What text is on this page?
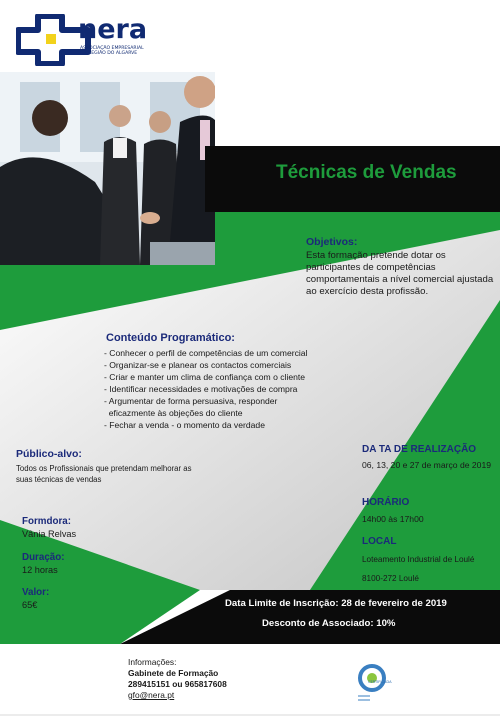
nera
ASSOCIAÇÃO EMPRESARIAL DA REGIÃO DO ALGARVE
Técnicas de Vendas
Objetivos:
Esta formação pretende dotar os participantes de competências comportamentais a nível comercial ajustada ao exercício desta profissão.
Conteúdo Programático:
- Conhecer o perfil de competências de um comercial
- Organizar-se e planear os contactos comerciais
- Criar e manter um clima de confiança com o cliente
- Identificar necessidades e motivações de compra
- Argumentar de forma persuasiva, responder
eficazmente às objeções do cliente
- Fechar a venda - o momento da verdade
Público-alvo:
Todos os Profissionais que pretendam melhorar as suas técnicas de vendas
Formdora:
Vânia Relvas
Duração:
12 horas
Valor:
65€
DA TA DE REALIZAÇÃO
06, 13, 20 e 27 de março de 2019
HORÁRIO
14h00 às 17h00
LOCAL
Loteamento Industrial de Loulé
8100-272 Loulé
Data Limite de Inscrição: 28 de fevereiro de 2019
Desconto de Associado: 10%
Informações:
Gabinete de Formação
289415151 ou 965817608
gfo@nera.pt
CERTIFICADA
